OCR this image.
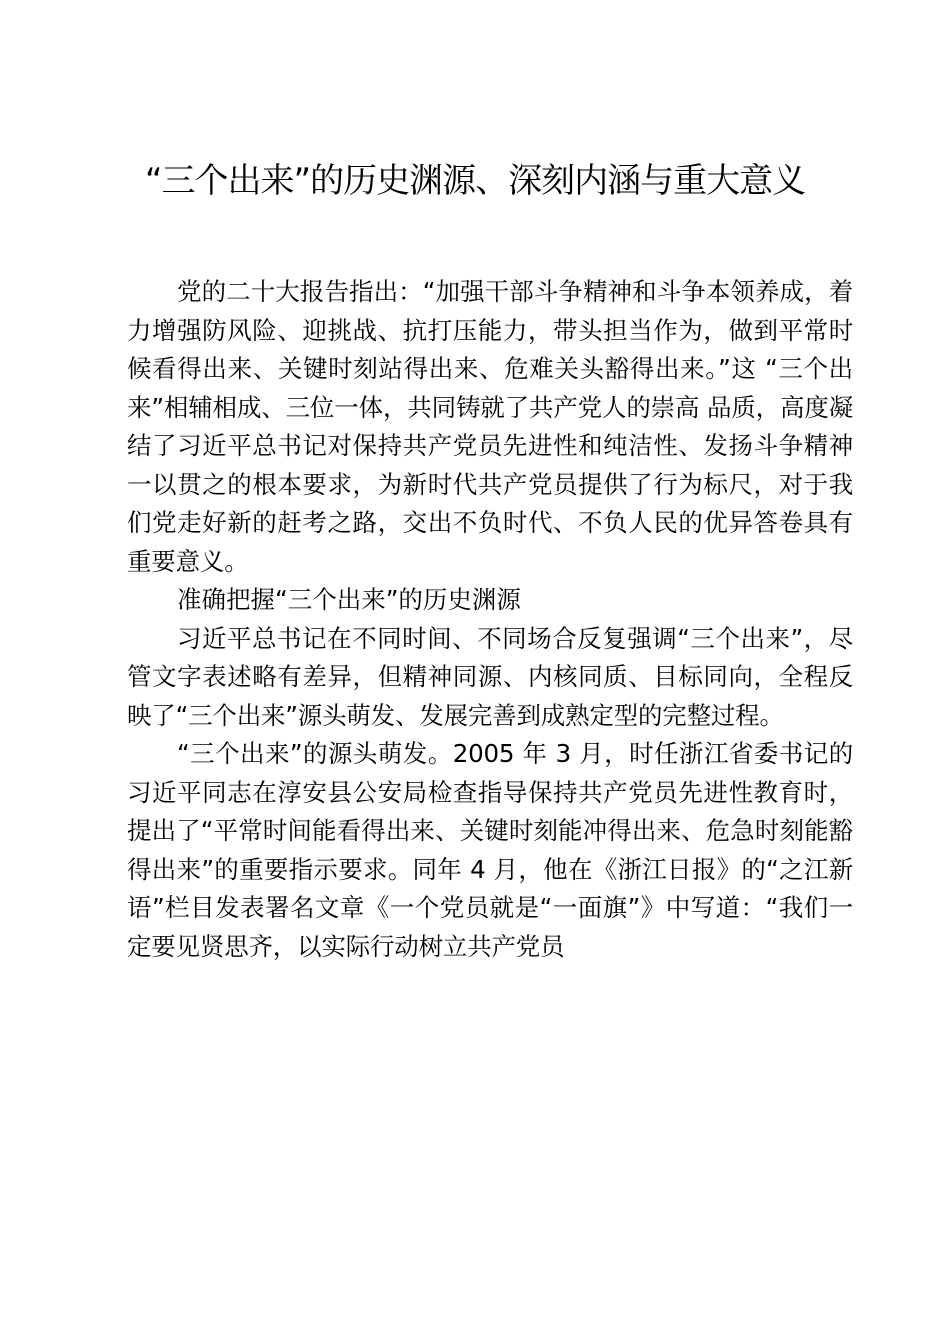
“三个出来”的历史渊源、深刻内涵与重大意义

党的二十大报告指出：“加强干部斗争精神和斗争本领养成，着力增强防风险、迎挑战、抗打压能力，带头担当作为，做到平常时候看得出来、关键时刻站得出来、危难关头豁得出来。”这 “三个出来”相辅相成、三位一体，共同铸就了共产党人的崇高 品质，高度凝结了习近平总书记对保持共产党员先进性和纯洁性、发扬斗争精神一以贯之的根本要求，为新时代共产党员提供了行为标尺，对于我们党走好新的赶考之路，交出不负时代、不负人民的优异答卷具有重要意义。

准确把握“三个出来”的历史渊源

习近平总书记在不同时间、不同场合反复强调“三个出来”，尽管文字表述略有差异，但精神同源、内核同质、目标同向，全程反映了“三个出来”源头萌发、发展完善到成熟定型的完整过程。

“三个出来”的源头萌发。2005 年 3 月，时任浙江省委书记的习近平同志在淳安县公安局检查指导保持共产党员先进性教育时，提出了“平常时间能看得出来、关键时刻能冲得出来、危急时刻能豁得出来”的重要指示要求。同年 4 月，他在《浙江日报》的“之江新语”栏目发表署名文章《一个党员就是“一面旗”》中写道：“我们一定要见贤思齐，以实际行动树立共产党员
